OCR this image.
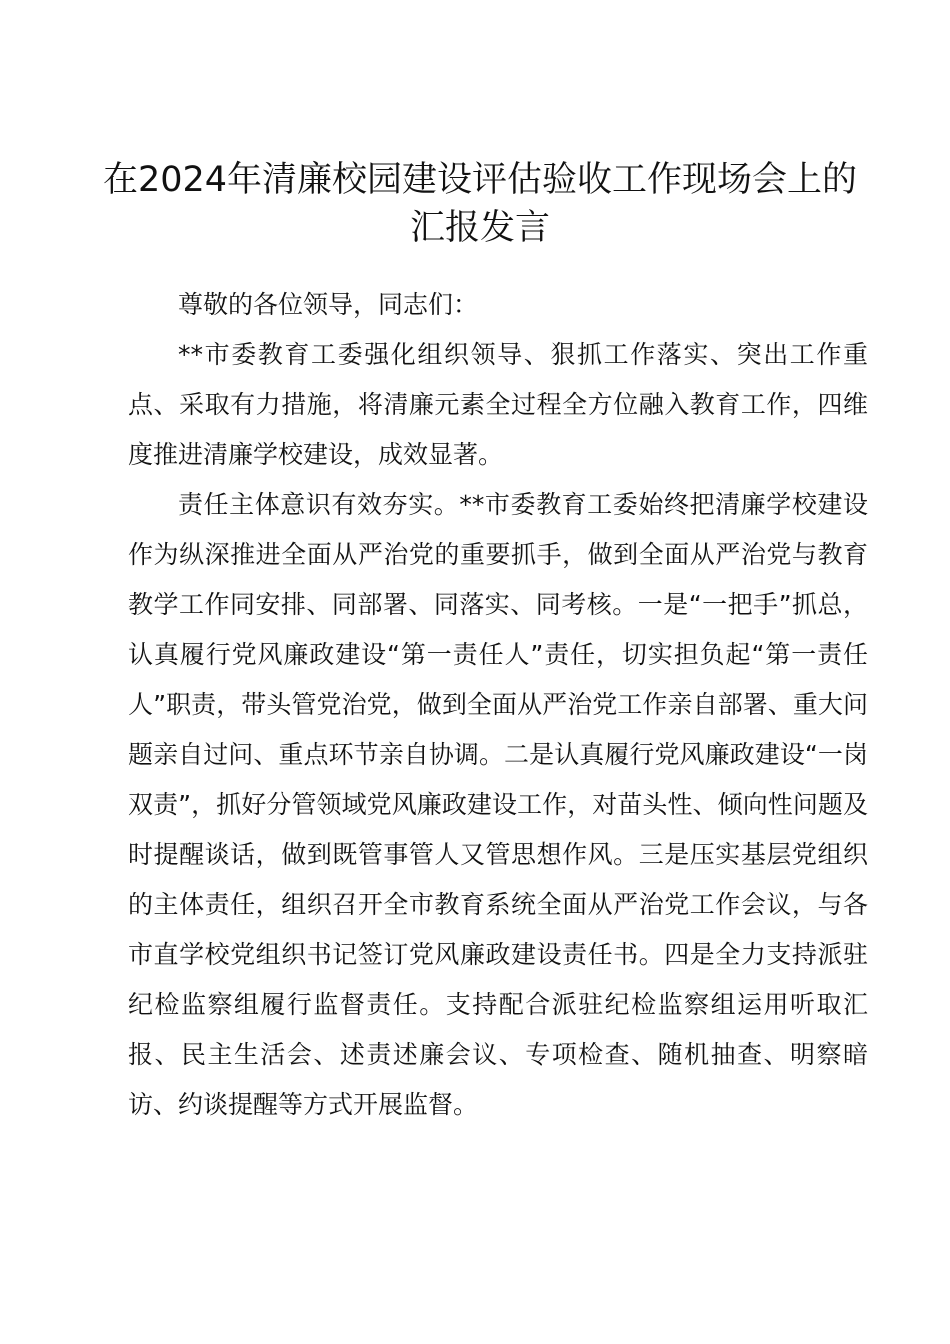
在2024年清廉校园建设评估验收工作现场会上的汇报发言

尊敬的各位领导，同志们：

**市委教育工委强化组织领导、狠抓工作落实、突出工作重点、采取有力措施，将清廉元素全过程全方位融入教育工作，四维度推进清廉学校建设，成效显著。

责任主体意识有效夯实。**市委教育工委始终把清廉学校建设作为纵深推进全面从严治党的重要抓手，做到全面从严治党与教育教学工作同安排、同部署、同落实、同考核。一是“一把手”抓总，认真履行党风廉政建设“第一责任人”责任，切实担负起“第一责任人”职责，带头管党治党，做到全面从严治党工作亲自部署、重大问题亲自过问、重点环节亲自协调。二是认真履行党风廉政建设“一岗双责”，抓好分管领域党风廉政建设工作，对苗头性、倾向性问题及时提醒谈话，做到既管事管人又管思想作风。三是压实基层党组织的主体责任，组织召开全市教育系统全面从严治党工作会议，与各市直学校党组织书记签订党风廉政建设责任书。四是全力支持派驻纪检监察组履行监督责任。支持配合派驻纪检监察组运用听取汇报、民主生活会、述责述廉会议、专项检查、随机抽查、明察暗访、约谈提醒等方式开展监督。
